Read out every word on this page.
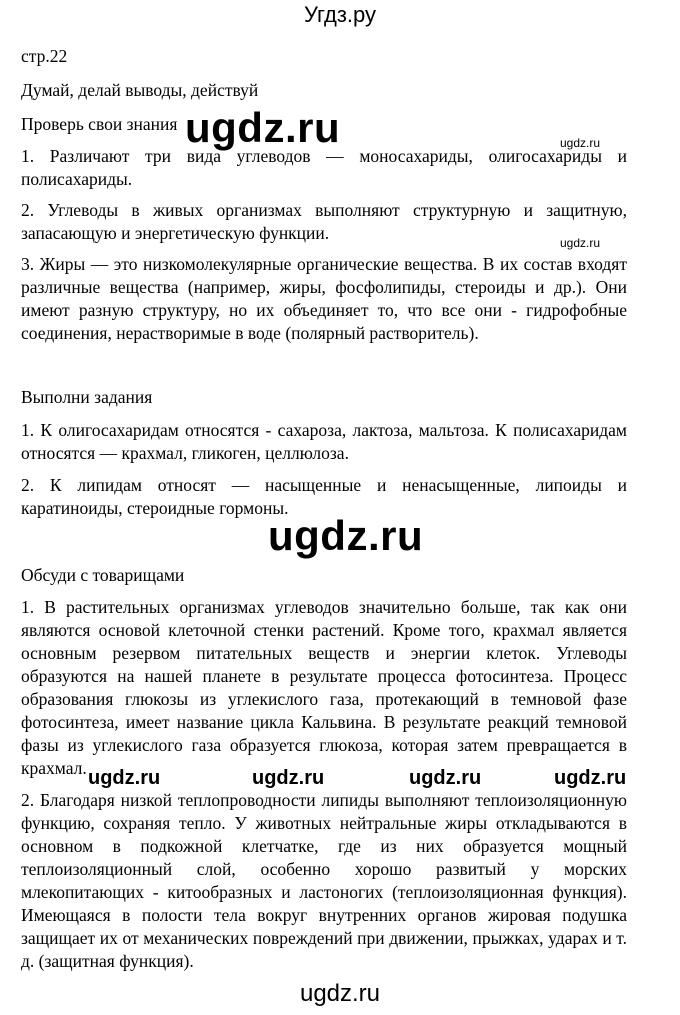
Угдз.ру
стр.22
Думай, делай выводы, действуй
Проверь свои знания ugdz.ru	ugdz.ru
1. Различают три вида углеводов — моносахариды, олигосахариды и полисахариды.
2. Углеводы в живых организмах выполняют структурную и защитную, запасающую и энергетическую функции.	ugdz.ru
3. Жиры — это низкомолекулярные органические вещества. В их состав входят различные вещества (например, жиры, фосфолипиды, стероиды и др.). Они имеют разную структуру, но их объединяет то, что все они - гидрофобные соединения, нерастворимые в воде (полярный растворитель).
Выполни задания
1. К олигосахаридам относятся - сахароза, лактоза, мальтоза. К полисахаридам относятся — крахмал, гликоген, целлюлоза.
2. К липидам относят — насыщенные и ненасыщенные, липоиды и каратиноиды, стероидные гормоны.
ugdz.ru
Обсуди с товарищами
1. В растительных организмах углеводов значительно больше, так как они являются основой клеточной стенки растений. Кроме того, крахмал является основным резервом питательных веществ и энергии клеток. Углеводы образуются на нашей планете в результате процесса фотосинтеза. Процесс образования глюкозы из углекислого газа, протекающий в темновой фазе фотосинтеза, имеет название цикла Кальвина. В результате реакций темновой фазы из углекислого газа образуется глюкоза, которая затем превращается в крахмал. ugdz.ru	ugdz.ru	ugdz.ru	ugdz.ru
2. Благодаря низкой теплопроводности липиды выполняют теплоизоляционную функцию, сохраняя тепло. У животных нейтральные жиры откладываются в основном в подкожной клетчатке, где из них образуется мощный теплоизоляционный слой, особенно хорошо развитый у морских млекопитающих - китообразных и ластоногих (теплоизоляционная функция). Имеющаяся в полости тела вокруг внутренних органов жировая подушка защищает их от механических повреждений при движении, прыжках, ударах и т. д. (защитная функция).
ugdz.ru
